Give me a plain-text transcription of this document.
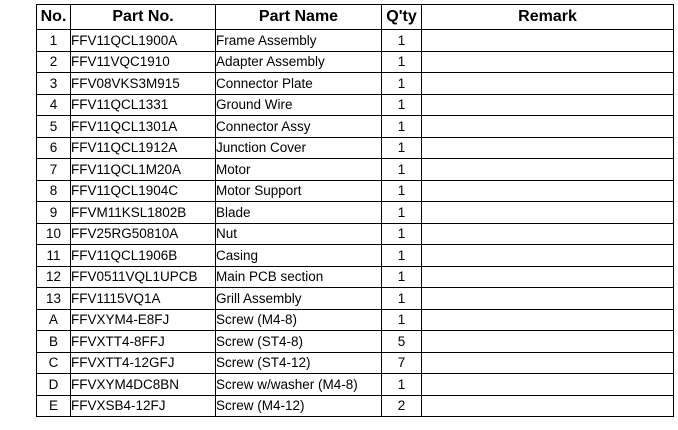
No.	Part No.	Part Name	Q'ty	Remark
1	FFV11QCL1900A	Frame Assembly	1	
2	FFV11VQC1910	Adapter Assembly	1	
3	FFV08VKS3M915	Connector Plate	1	
4	FFV11QCL1331	Ground Wire	1	
5	FFV11QCL1301A	Connector Assy	1	
6	FFV11QCL1912A	Junction Cover	1	
7	FFV11QCL1M20A	Motor	1	
8	FFV11QCL1904C	Motor Support	1	
9	FFVM11KSL1802B	Blade	1	
10	FFV25RG50810A	Nut	1	
11	FFV11QCL1906B	Casing	1	
12	FFV0511VQL1UPCB	Main PCB section	1	
13	FFV1115VQ1A	Grill Assembly	1	
A	FFVXYM4-E8FJ	Screw (M4-8)	1	
B	FFVXTT4-8FFJ	Screw (ST4-8)	5	
C	FFVXTT4-12GFJ	Screw (ST4-12)	7	
D	FFVXYM4DC8BN	Screw w/washer (M4-8)	1	
E	FFVXSB4-12FJ	Screw (M4-12)	2	
